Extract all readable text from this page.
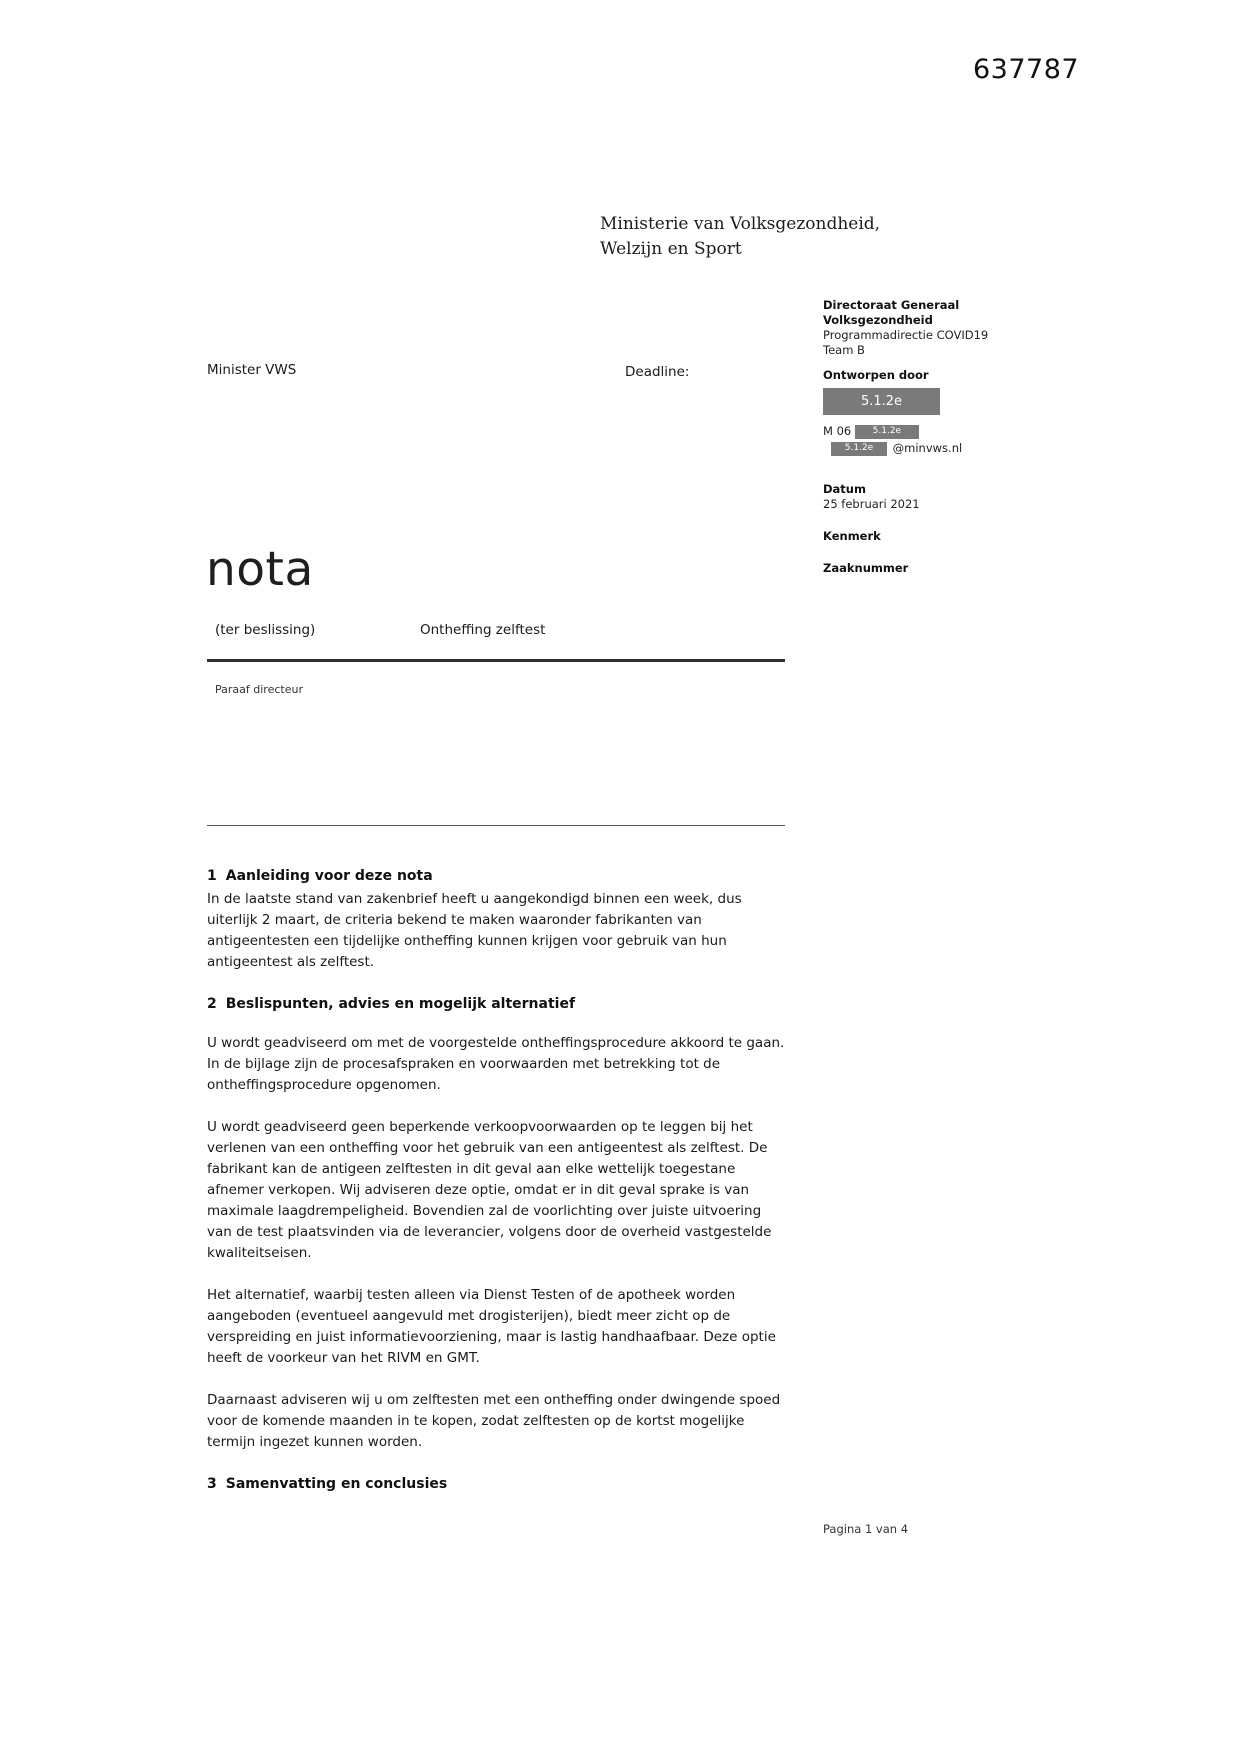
637787
Ministerie van Volksgezondheid,
Welzijn en Sport
Directoraat Generaal
Volksgezondheid
Programmadirectie COVID19
Team B
Ontworpen door
5.1.2e
M 06 5.1.2e
5.1.2e @minvws.nl
Datum
25 februari 2021
Kenmerk
Zaaknummer
Minister VWS	Deadline:
nota
(ter beslissing)	Ontheffing zelftest
Paraaf directeur
1 Aanleiding voor deze nota

In de laatste stand van zakenbrief heeft u aangekondigd binnen een week, dus uiterlijk 2 maart, de criteria bekend te maken waaronder fabrikanten van antigeentesten een tijdelijke ontheffing kunnen krijgen voor gebruik van hun antigeentest als zelftest.

2 Beslispunten, advies en mogelijk alternatief

U wordt geadviseerd om met de voorgestelde ontheffingsprocedure akkoord te gaan. In de bijlage zijn de procesafspraken en voorwaarden met betrekking tot de ontheffingsprocedure opgenomen.

U wordt geadviseerd geen beperkende verkoopvoorwaarden op te leggen bij het verlenen van een ontheffing voor het gebruik van een antigeentest als zelftest. De fabrikant kan de antigeen zelftesten in dit geval aan elke wettelijk toegestane afnemer verkopen. Wij adviseren deze optie, omdat er in dit geval sprake is van maximale laagdrempeligheid. Bovendien zal de voorlichting over juiste uitvoering van de test plaatsvinden via de leverancier, volgens door de overheid vastgestelde kwaliteitseisen.

Het alternatief, waarbij testen alleen via Dienst Testen of de apotheek worden aangeboden (eventueel aangevuld met drogisterijen), biedt meer zicht op de verspreiding en juist informatievoorziening, maar is lastig handhaafbaar. Deze optie heeft de voorkeur van het RIVM en GMT.

Daarnaast adviseren wij u om zelftesten met een ontheffing onder dwingende spoed voor de komende maanden in te kopen, zodat zelftesten op de kortst mogelijke termijn ingezet kunnen worden.

3 Samenvatting en conclusies
Pagina 1 van 4
